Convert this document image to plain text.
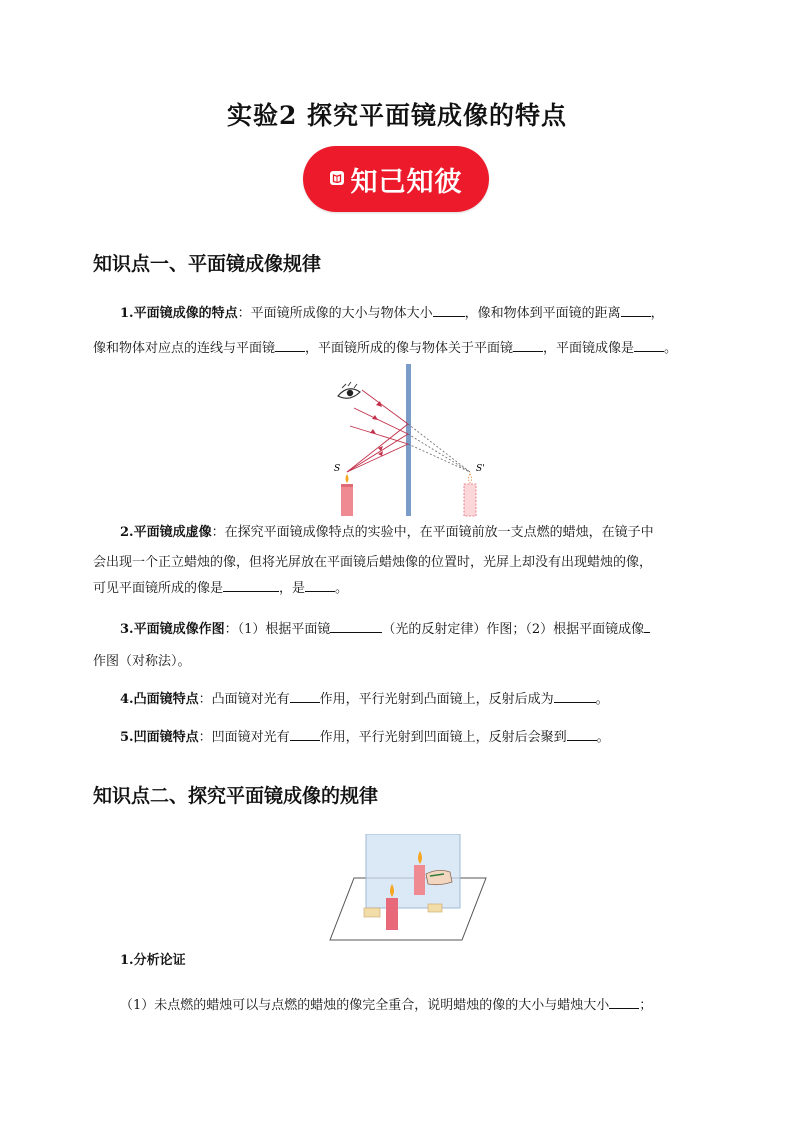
实验2 探究平面镜成像的特点
知己知彼
知识点一、平面镜成像规律
1.平面镜成像的特点：平面镜所成像的大小与物体大小 ，像和物体到平面镜的距离 ，
像和物体对应点的连线与平面镜 ，平面镜所成的像与物体关于平面镜 ，平面镜成像是 。
S	S'
2.平面镜成虚像：在探究平面镜成像特点的实验中，在平面镜前放一支点燃的蜡烛，在镜子中
会出现一个正立蜡烛的像，但将光屏放在平面镜后蜡烛像的位置时，光屏上却没有出现蜡烛的像，
可见平面镜所成的像是	，是 。
3.平面镜成像作图：（1）根据平面镜	（光的反射定律）作图；（2）根据平面镜成像
作图（对称法）。
4.凸面镜特点：凸面镜对光有 作用，平行光射到凸面镜上，反射后成为	。
5.凹面镜特点：凹面镜对光有 作用，平行光射到凹面镜上，反射后会聚到 。
知识点二、探究平面镜成像的规律
1.分析论证
（1）未点燃的蜡烛可以与点燃的蜡烛的像完全重合，说明蜡烛的像的大小与蜡烛大小 ；
